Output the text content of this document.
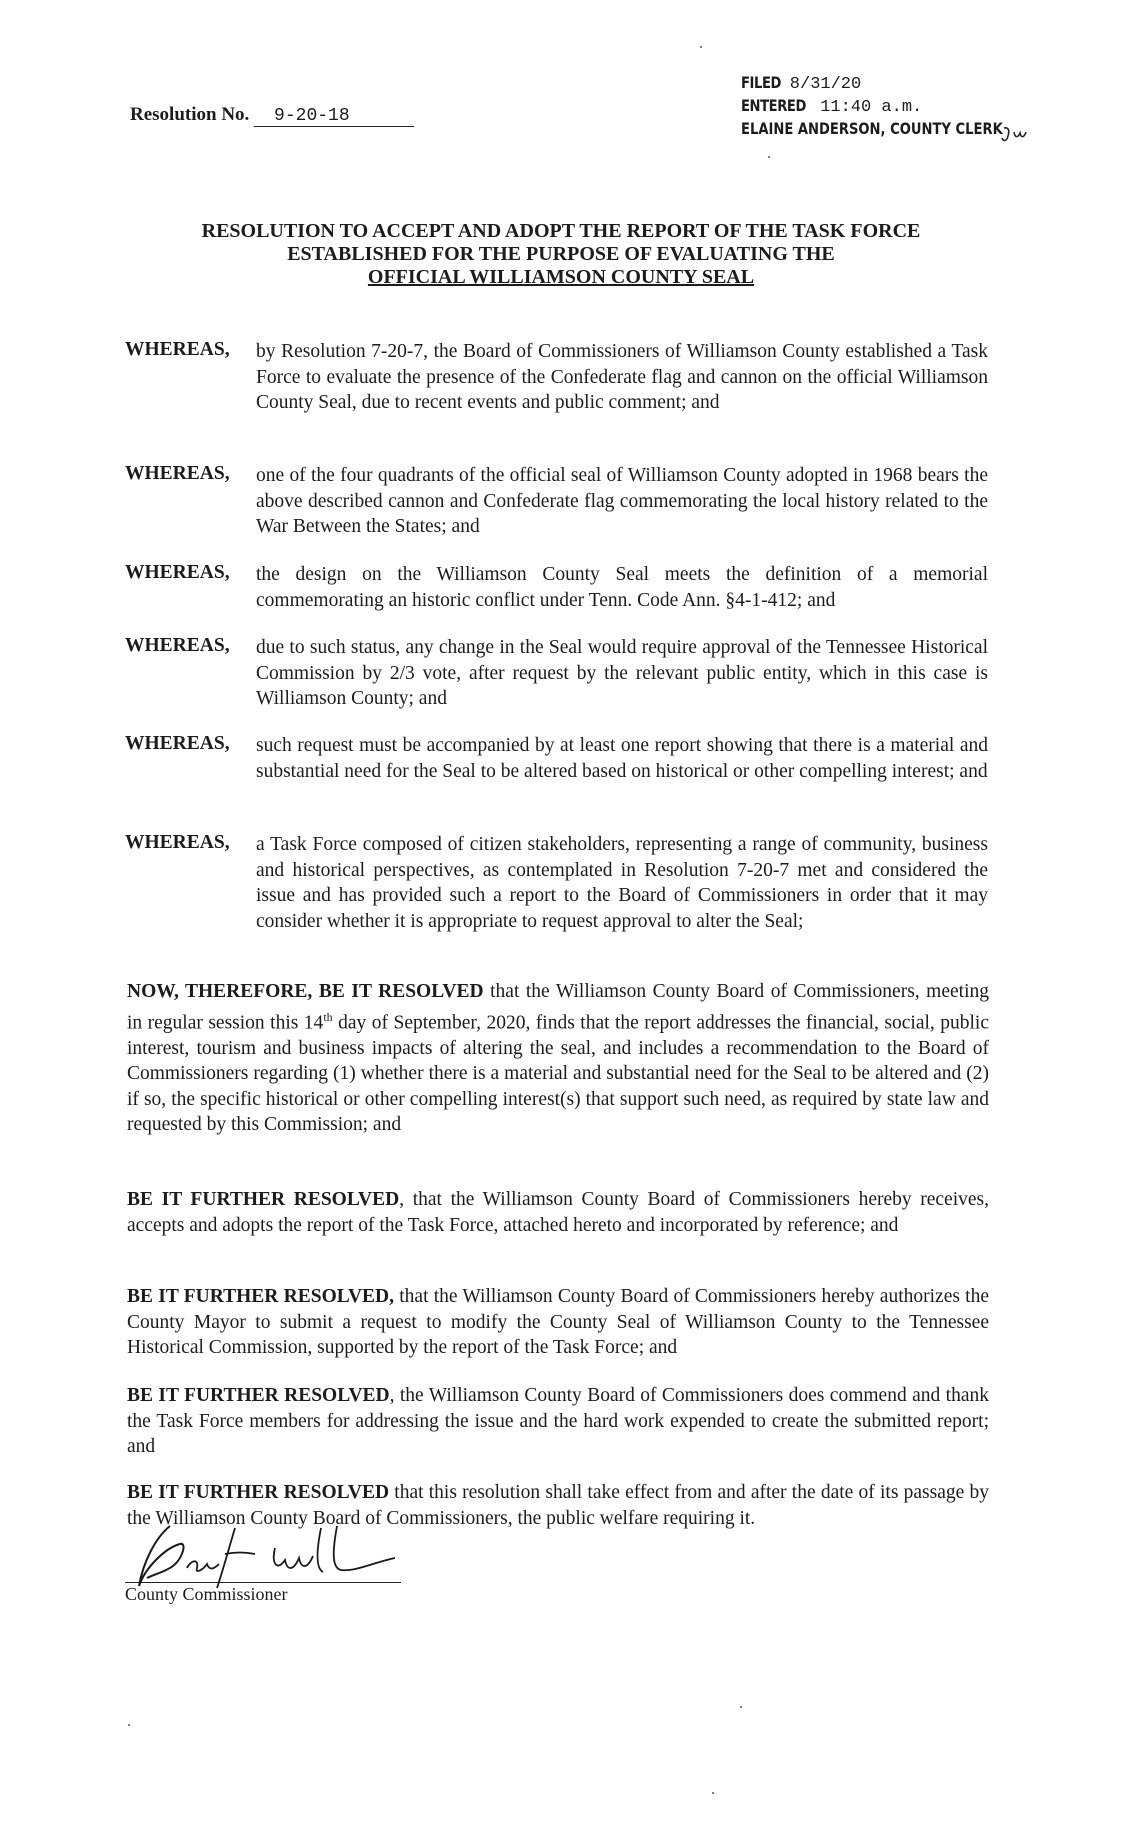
Resolution No. 9-20-18
FILED 8/31/20
ENTERED 11:40 a.m.
ELAINE ANDERSON, COUNTY CLERK
RESOLUTION TO ACCEPT AND ADOPT THE REPORT OF THE TASK FORCE
ESTABLISHED FOR THE PURPOSE OF EVALUATING THE
OFFICIAL WILLIAMSON COUNTY SEAL
WHEREAS, by Resolution 7-20-7, the Board of Commissioners of Williamson County established a Task Force to evaluate the presence of the Confederate flag and cannon on the official Williamson County Seal, due to recent events and public comment; and
WHEREAS, one of the four quadrants of the official seal of Williamson County adopted in 1968 bears the above described cannon and Confederate flag commemorating the local history related to the War Between the States; and
WHEREAS, the design on the Williamson County Seal meets the definition of a memorial commemorating an historic conflict under Tenn. Code Ann. §4-1-412; and
WHEREAS, due to such status, any change in the Seal would require approval of the Tennessee Historical Commission by 2/3 vote, after request by the relevant public entity, which in this case is Williamson County; and
WHEREAS, such request must be accompanied by at least one report showing that there is a material and substantial need for the Seal to be altered based on historical or other compelling interest; and
WHEREAS, a Task Force composed of citizen stakeholders, representing a range of community, business and historical perspectives, as contemplated in Resolution 7-20-7 met and considered the issue and has provided such a report to the Board of Commissioners in order that it may consider whether it is appropriate to request approval to alter the Seal;
NOW, THEREFORE, BE IT RESOLVED that the Williamson County Board of Commissioners, meeting in regular session this 14th day of September, 2020, finds that the report addresses the financial, social, public interest, tourism and business impacts of altering the seal, and includes a recommendation to the Board of Commissioners regarding (1) whether there is a material and substantial need for the Seal to be altered and (2) if so, the specific historical or other compelling interest(s) that support such need, as required by state law and requested by this Commission; and
BE IT FURTHER RESOLVED, that the Williamson County Board of Commissioners hereby receives, accepts and adopts the report of the Task Force, attached hereto and incorporated by reference; and
BE IT FURTHER RESOLVED, that the Williamson County Board of Commissioners hereby authorizes the County Mayor to submit a request to modify the County Seal of Williamson County to the Tennessee Historical Commission, supported by the report of the Task Force; and
BE IT FURTHER RESOLVED, the Williamson County Board of Commissioners does commend and thank the Task Force members for addressing the issue and the hard work expended to create the submitted report; and
BE IT FURTHER RESOLVED that this resolution shall take effect from and after the date of its passage by the Williamson County Board of Commissioners, the public welfare requiring it.
County Commissioner
